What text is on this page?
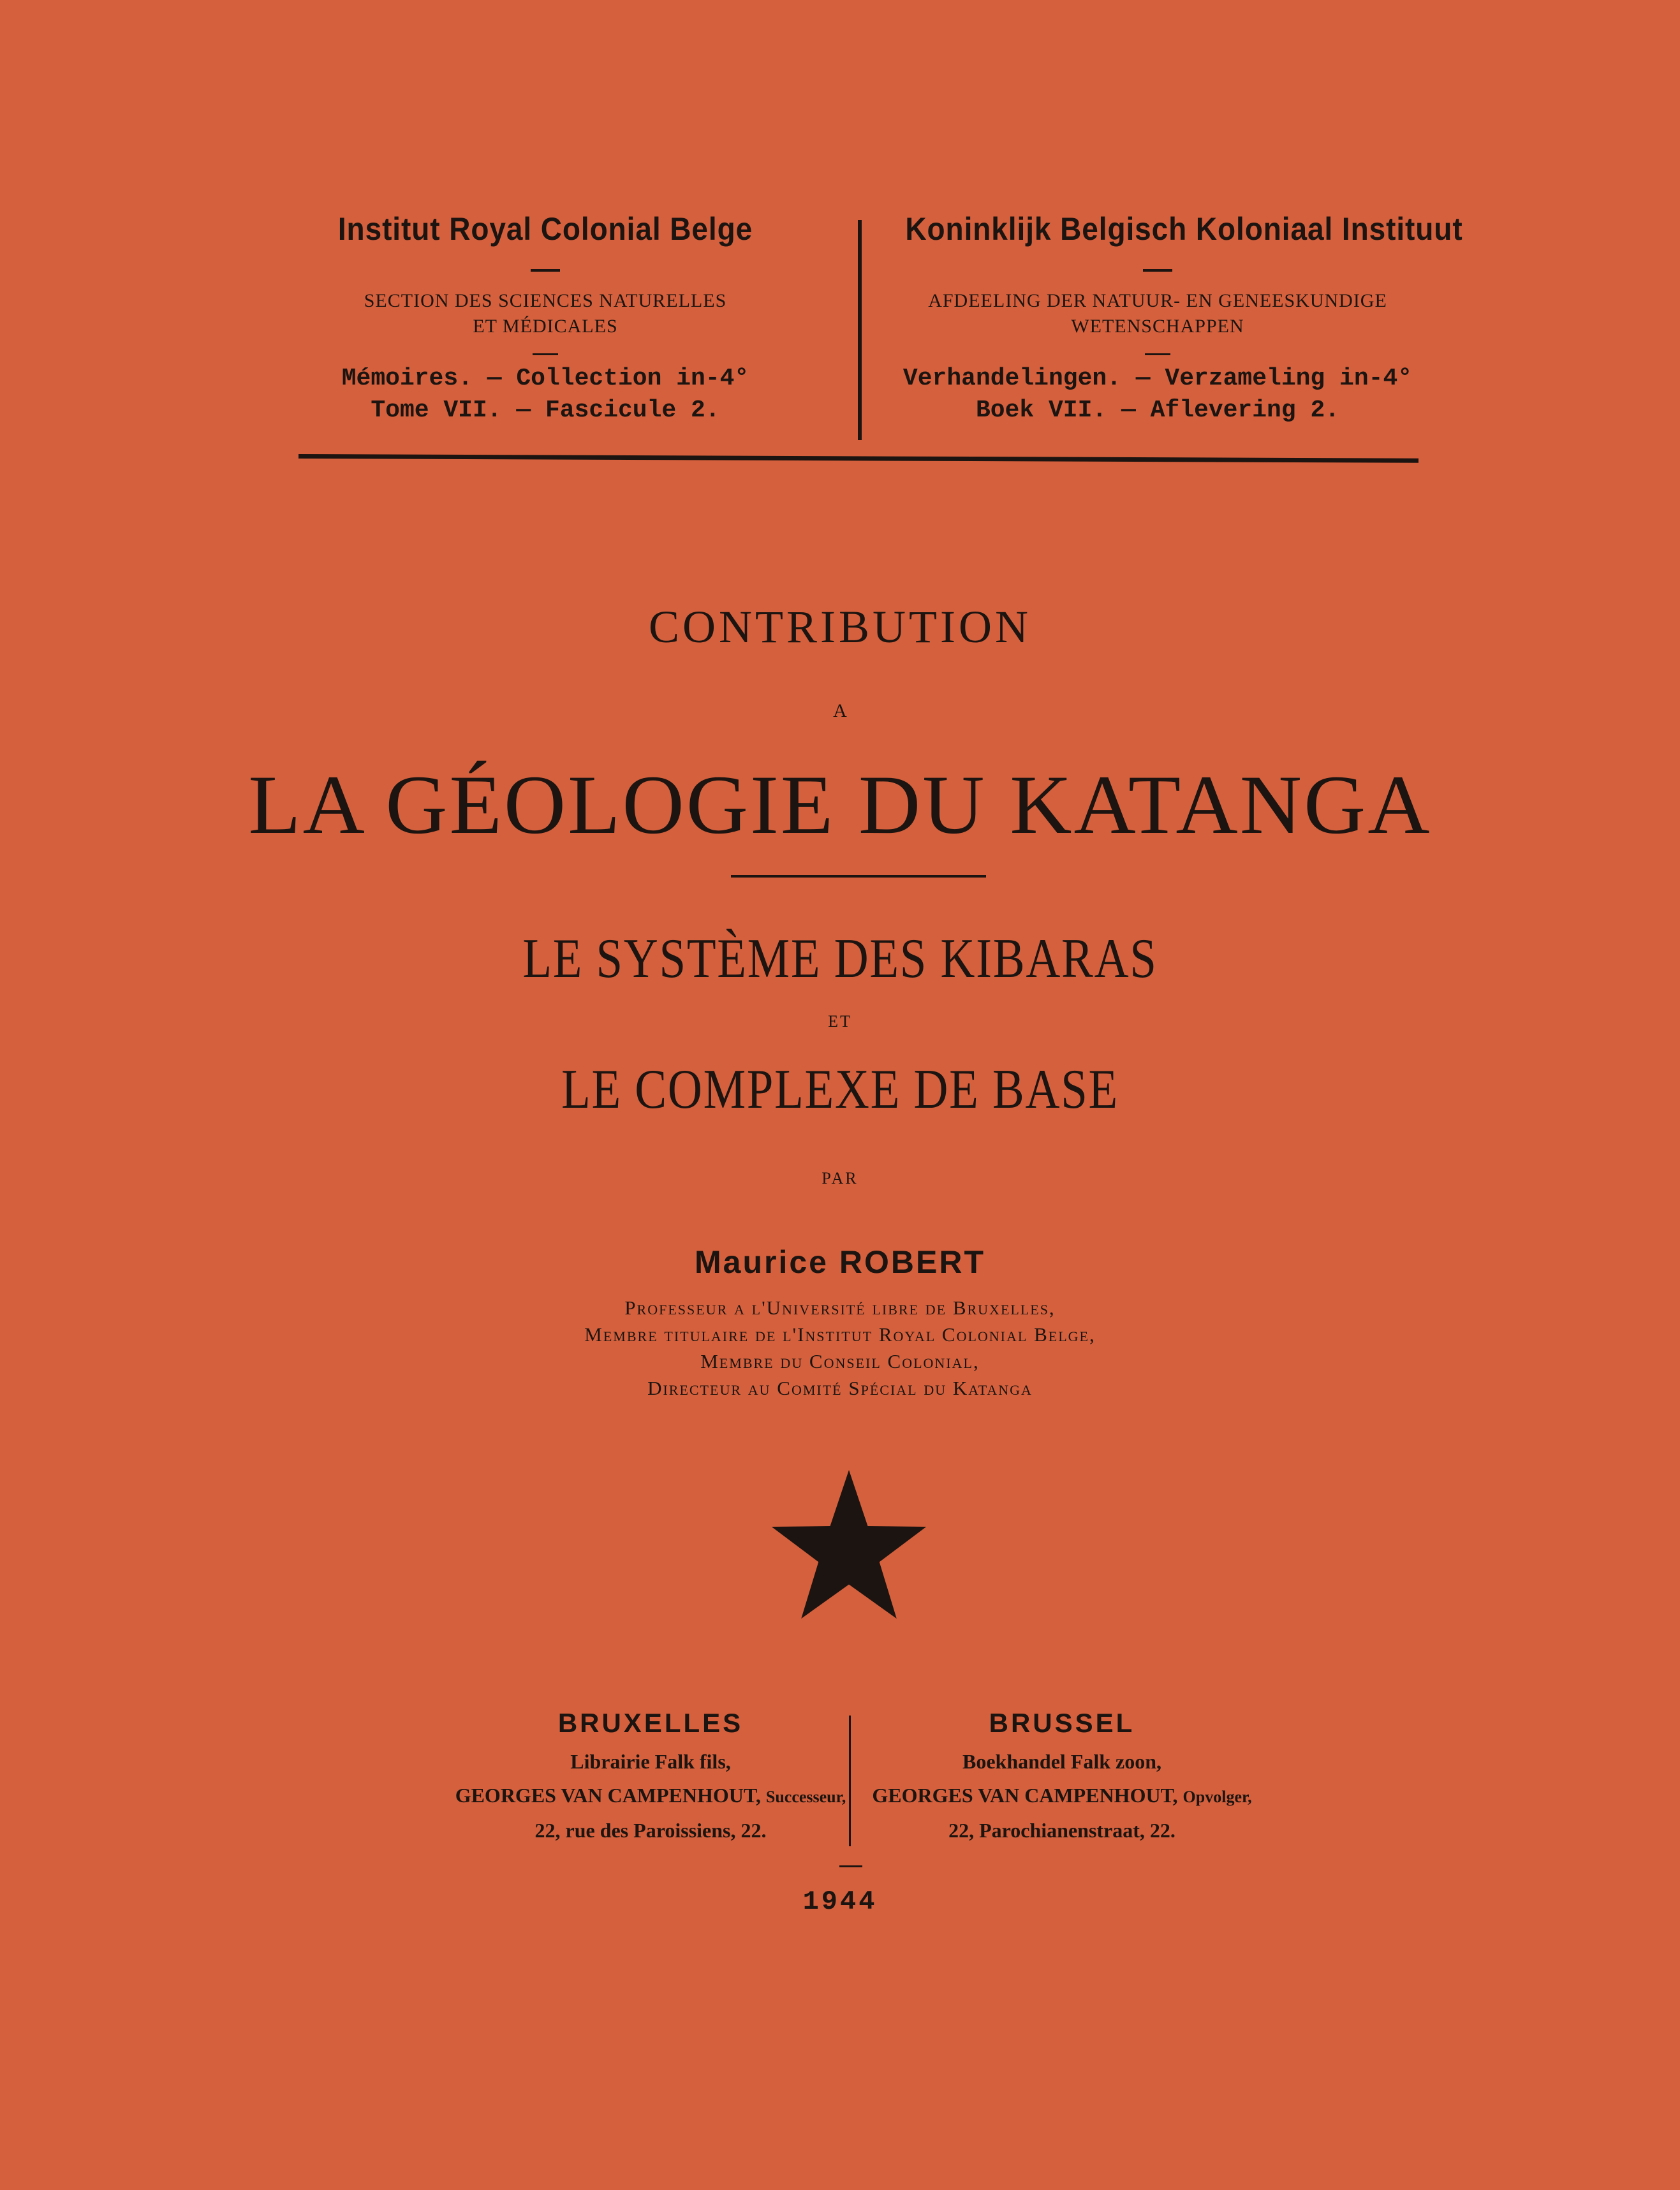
Institut Royal Colonial Belge
SECTION DES SCIENCES NATURELLES
ET MÉDICALES
Mémoires. — Collection in-4°
Tome VII. — Fascicule 2.
Koninklijk Belgisch Koloniaal Instituut
AFDEELING DER NATUUR- EN GENEESKUNDIGE
WETENSCHAPPEN
Verhandelingen. — Verzameling in-4°
Boek VII. — Aflevering 2.
CONTRIBUTION
A
LA GÉOLOGIE DU KATANGA
LE SYSTÈME DES KIBARAS
ET
LE COMPLEXE DE BASE
PAR
Maurice ROBERT
Professeur a l'Université libre de Bruxelles,
Membre titulaire de l'Institut Royal Colonial Belge,
Membre du Conseil Colonial,
Directeur au Comité Spécial du Katanga
BRUXELLES
Librairie Falk fils,
GEORGES VAN CAMPENHOUT, Successeur,
22, rue des Paroissiens, 22.
BRUSSEL
Boekhandel Falk zoon,
GEORGES VAN CAMPENHOUT, Opvolger,
22, Parochianenstraat, 22.
1944
